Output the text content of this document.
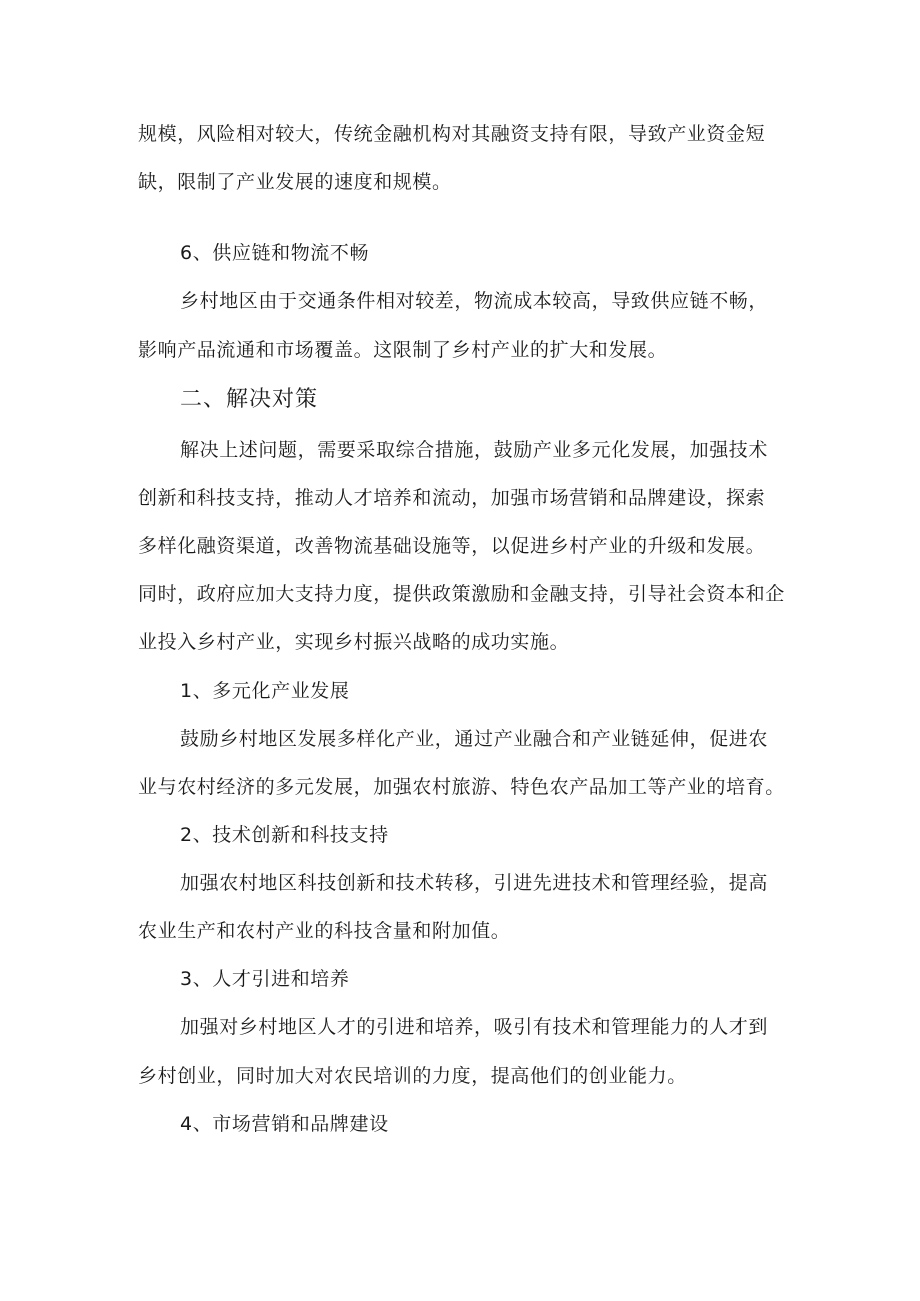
规模，风险相对较大，传统金融机构对其融资支持有限，导致产业资金短
缺，限制了产业发展的速度和规模。
6、供应链和物流不畅
乡村地区由于交通条件相对较差，物流成本较高，导致供应链不畅，
影响产品流通和市场覆盖。这限制了乡村产业的扩大和发展。
二、解决对策
解决上述问题，需要采取综合措施，鼓励产业多元化发展，加强技术
创新和科技支持，推动人才培养和流动，加强市场营销和品牌建设，探索
多样化融资渠道，改善物流基础设施等，以促进乡村产业的升级和发展。
同时，政府应加大支持力度，提供政策激励和金融支持，引导社会资本和企
业投入乡村产业，实现乡村振兴战略的成功实施。
1、多元化产业发展
鼓励乡村地区发展多样化产业，通过产业融合和产业链延伸，促进农
业与农村经济的多元发展，加强农村旅游、特色农产品加工等产业的培育。
2、技术创新和科技支持
加强农村地区科技创新和技术转移，引进先进技术和管理经验，提高
农业生产和农村产业的科技含量和附加值。
3、人才引进和培养
加强对乡村地区人才的引进和培养，吸引有技术和管理能力的人才到
乡村创业，同时加大对农民培训的力度，提高他们的创业能力。
4、市场营销和品牌建设
